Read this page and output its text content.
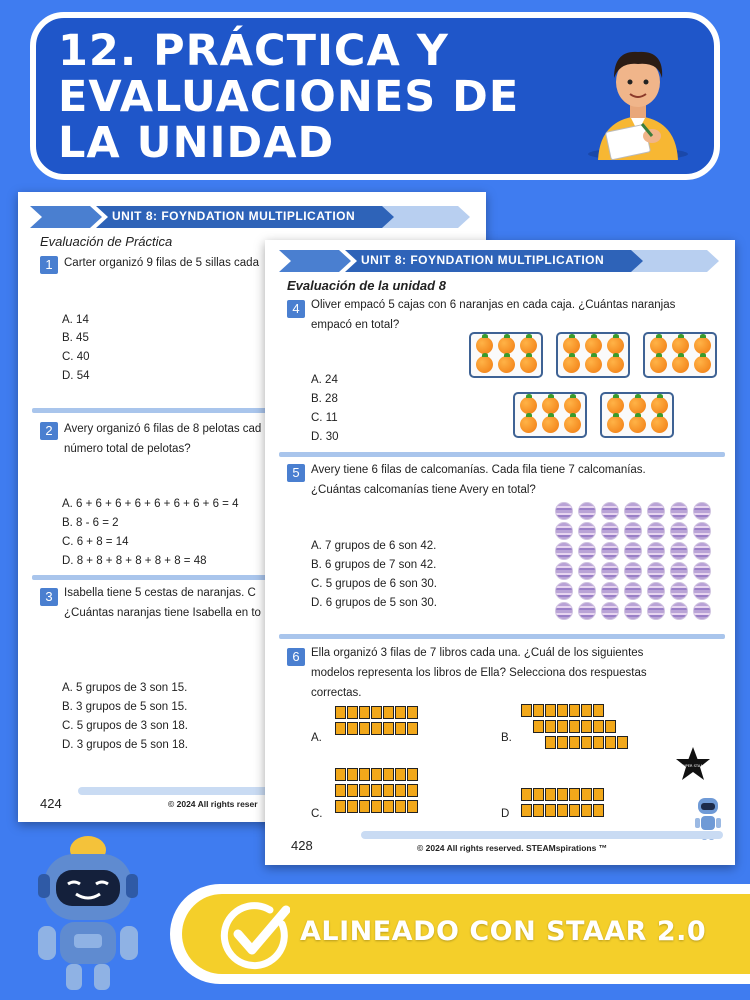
12. PRÁCTICA Y
EVALUACIONES DE
LA UNIDAD
UNIT 8: FOYNDATION MULTIPLICATION
Evaluación de Práctica
1 Carter organizó 9 filas de 5 sillas cada
A. 14
B. 45
C. 40
D. 54
2 Avery organizó 6 filas de 8 pelotas cad
número total de pelotas?
A. 6 + 6 + 6 + 6 + 6 + 6 + 6 + 6 = 4
B. 8 - 6 = 2
C. 6 + 8 = 14
D. 8 + 8 + 8 + 8 + 8 + 8 = 48
3 Isabella tiene 5 cestas de naranjas. C
¿Cuántas naranjas tiene Isabella en to
A. 5 grupos de 3 son 15.
B. 3 grupos de 5 son 15.
C. 5 grupos de 3 son 18.
D. 3 grupos de 5 son 18.
424	© 2024 All rights reser
UNIT 8: FOYNDATION MULTIPLICATION
Evaluación de la unidad 8
4 Oliver empacó 5 cajas con 6 naranjas en cada caja. ¿Cuántas naranjas
empacó en total?
A. 24
B. 28
C. 11
D. 30
5 Avery tiene 6 filas de calcomanías. Cada fila tiene 7 calcomanías.
¿Cuántas calcomanías tiene Avery en total?
A. 7 grupos de 6 son 42.
B. 6 grupos de 7 son 42.
C. 5 grupos de 6 son 30.
D. 6 grupos de 5 son 30.
6 Ella organizó 3 filas de 7 libros cada una. ¿Cuál de los siguientes
modelos representa los libros de Ella? Selecciona dos respuestas
correctas.
A.	B.
C.	D
SUPER STAAR
428	© 2024 All rights reserved. STEAMspirations ™
ALINEADO CON STAAR 2.0
